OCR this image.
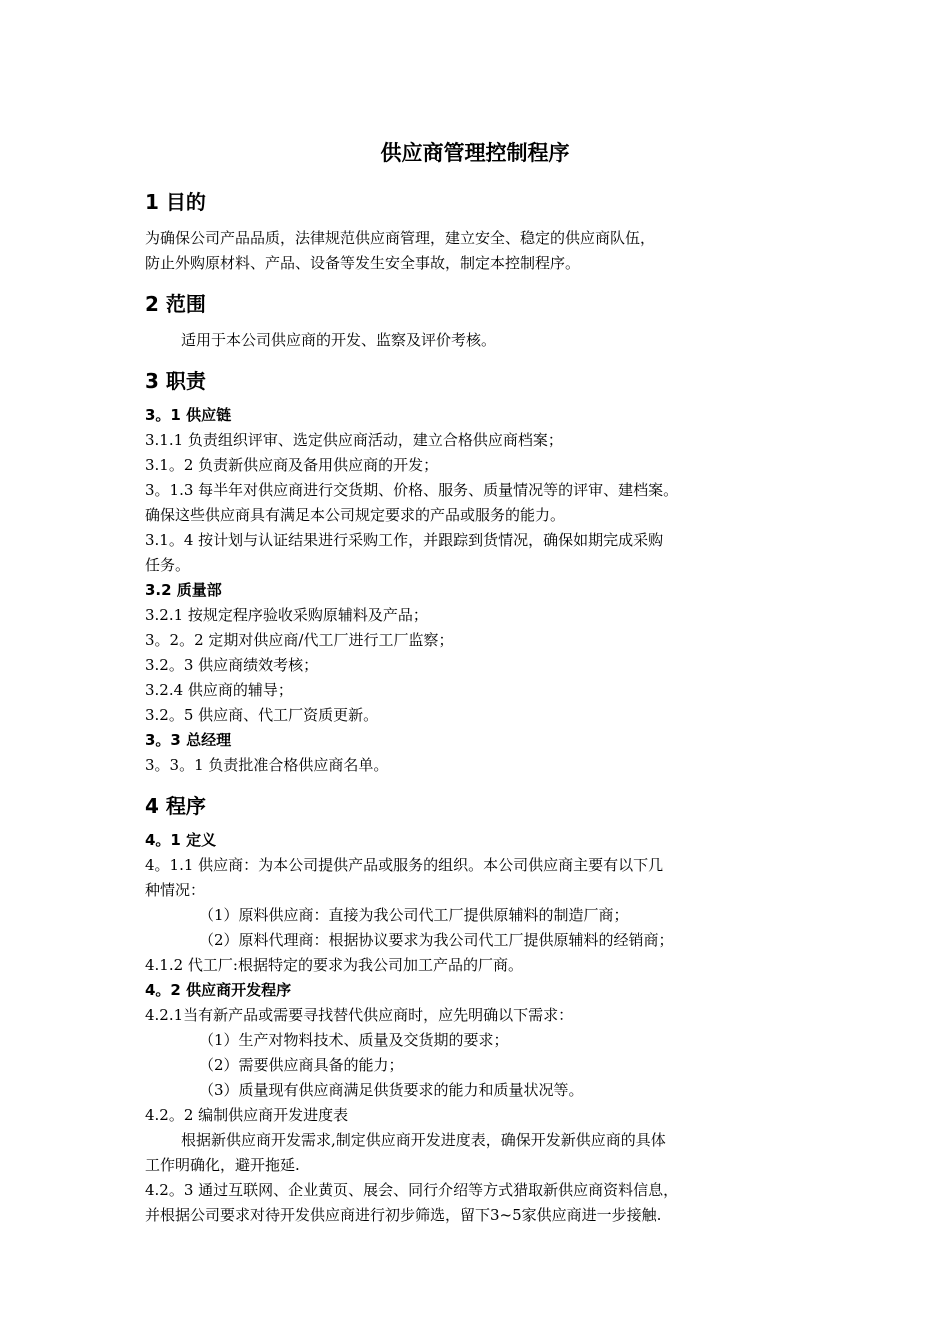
供应商管理控制程序
1 目的
为确保公司产品品质，法律规范供应商管理，建立安全、稳定的供应商队伍，
防止外购原材料、产品、设备等发生安全事故，制定本控制程序。
2 范围
适用于本公司供应商的开发、监察及评价考核。
3 职责
3。1 供应链
3.1.1 负责组织评审、选定供应商活动，建立合格供应商档案；
3.1。2 负责新供应商及备用供应商的开发；
3。1.3 每半年对供应商进行交货期、价格、服务、质量情况等的评审、建档案。
确保这些供应商具有满足本公司规定要求的产品或服务的能力。
3.1。4 按计划与认证结果进行采购工作，并跟踪到货情况，确保如期完成采购
任务。
3.2 质量部
3.2.1 按规定程序验收采购原辅料及产品；
3。2。2 定期对供应商/代工厂进行工厂监察；
3.2。3 供应商绩效考核；
3.2.4 供应商的辅导；
3.2。5 供应商、代工厂资质更新。
3。3 总经理
3。3。1 负责批准合格供应商名单。
4 程序
4。1 定义
4。1.1 供应商：为本公司提供产品或服务的组织。本公司供应商主要有以下几
种情况：
（1）原料供应商：直接为我公司代工厂提供原辅料的制造厂商；
（2）原料代理商：根据协议要求为我公司代工厂提供原辅料的经销商；
4.1.2 代工厂:根据特定的要求为我公司加工产品的厂商。
4。2 供应商开发程序
4.2.1当有新产品或需要寻找替代供应商时，应先明确以下需求：
（1）生产对物料技术、质量及交货期的要求；
（2）需要供应商具备的能力；
（3）质量现有供应商满足供货要求的能力和质量状况等。
4.2。2 编制供应商开发进度表
根据新供应商开发需求,制定供应商开发进度表，确保开发新供应商的具体
工作明确化，避开拖延.
4.2。3 通过互联网、企业黄页、展会、同行介绍等方式猎取新供应商资料信息，
并根据公司要求对待开发供应商进行初步筛选，留下3~5家供应商进一步接触.
